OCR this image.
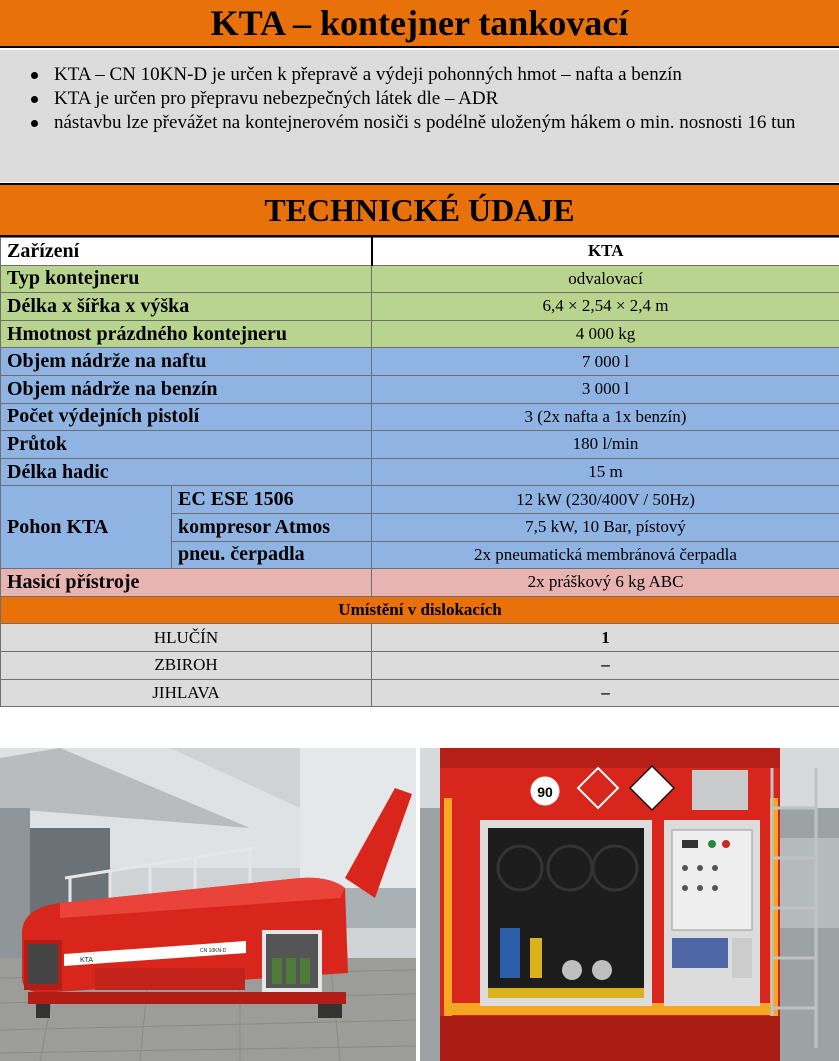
KTA – kontejner tankovací
KTA – CN 10KN-D je určen k přepravě a výdeji pohonných hmot – nafta a benzín
KTA je určen pro přepravu nebezpečných látek dle – ADR
nástavbu lze převážet na kontejnerovém nosiči s podélně uloženým hákem o min. nosnosti 16 tun
TECHNICKÉ ÚDAJE
Zařízení		KTA
Typ kontejneru		odvalovací
Délka x šířka x výška		6,4 × 2,54 × 2,4 m
Hmotnost prázdného kontejneru		4 000 kg
Objem nádrže na naftu		7 000 l
Objem nádrže na benzín		3 000 l
Počet výdejních pistolí		3 (2x nafta a 1x benzín)
Průtok		180 l/min
Délka hadic		15 m
Pohon KTA	EC ESE 1506	12 kW (230/400V / 50Hz)
	kompresor Atmos	7,5 kW, 10 Bar, pístový
	pneu. čerpadla	2x pneumatická membránová čerpadla
Hasicí přístroje		2x práškový 6 kg ABC
Umístění v dislokacích		
HLUČÍN		1
ZBIROH		–
JIHLAVA		–
KTA
CN 10KN-D
90
